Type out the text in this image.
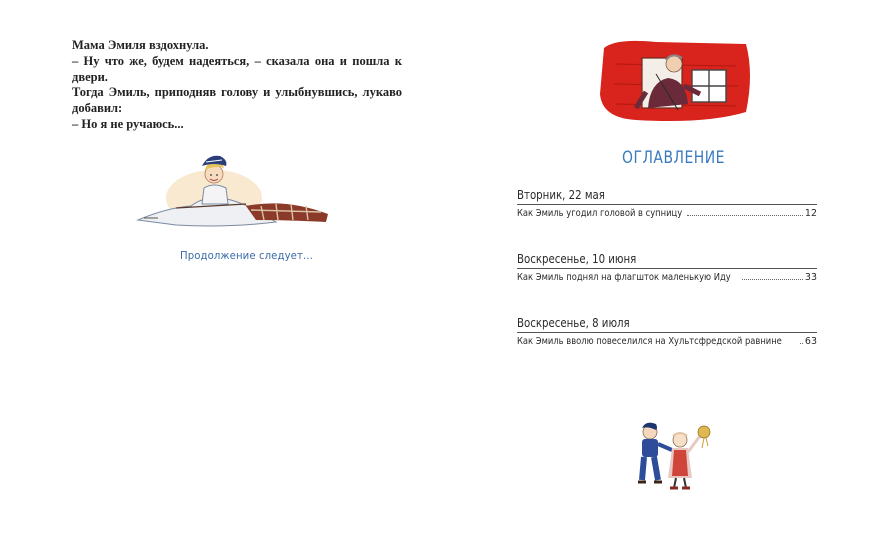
Мама Эмиля вздохнула.

– Ну что же, будем надеяться, – сказала она и пошла к двери.

Тогда Эмиль, приподняв голову и улыбнувшись, лукаво добавил:

– Но я не ручаюсь...

Продолжение следует...
ОГЛАВЛЕНИЕ
Вторник, 22 мая
Как Эмиль угодил головой в супницу	12
Воскресенье, 10 июня
Как Эмиль поднял на флагшток маленькую Иду	33
Воскресенье, 8 июля
Как Эмиль вволю повеселился на Хультсфредской равнине 63
